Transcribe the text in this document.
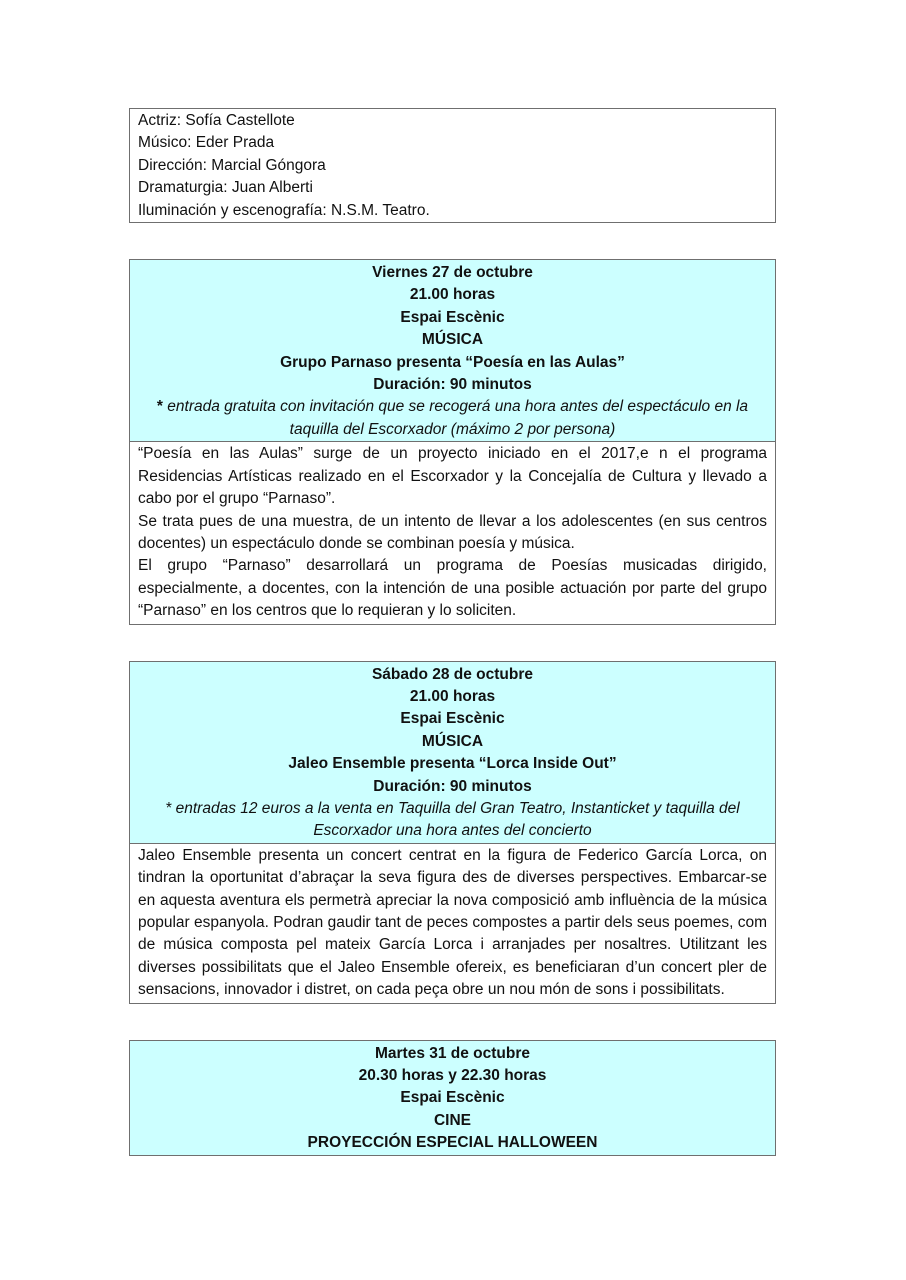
Actriz: Sofía Castellote
Músico: Eder Prada
Dirección: Marcial Góngora
Dramaturgia: Juan Alberti
Iluminación y escenografía: N.S.M. Teatro.
Viernes 27 de octubre
21.00 horas
Espai Escènic
MÚSICA
Grupo Parnaso presenta “Poesía en las Aulas”
Duración: 90 minutos
* entrada gratuita con invitación que se recogerá una hora antes del espectáculo en la taquilla del Escorxador (máximo 2 por persona)
“Poesía en las Aulas” surge de un proyecto iniciado en el 2017,e n el programa Residencias Artísticas realizado en el Escorxador y la Concejalía de Cultura y llevado a cabo por el grupo “Parnaso”.
Se trata pues de una muestra, de un intento de llevar a los adolescentes (en sus centros docentes) un espectáculo donde se combinan poesía y música.
El grupo “Parnaso” desarrollará un programa de Poesías musicadas dirigido, especialmente, a docentes, con la intención de una posible actuación por parte del grupo “Parnaso” en los centros que lo requieran y lo soliciten.
Sábado 28 de octubre
21.00 horas
Espai Escènic
MÚSICA
Jaleo Ensemble presenta “Lorca Inside Out”
Duración: 90 minutos
* entradas 12 euros a la venta en Taquilla del Gran Teatro, Instanticket y taquilla del Escorxador una hora antes del concierto
Jaleo Ensemble presenta un concert centrat en la figura de Federico García Lorca, on tindran la oportunitat d’abraçar la seva figura des de diverses perspectives. Embarcar-se en aquesta aventura els permetrà apreciar la nova composició amb influència de la música popular espanyola. Podran gaudir tant de peces compostes a partir dels seus poemes, com de música composta pel mateix García Lorca i arranjades per nosaltres. Utilitzant les diverses possibilitats que el Jaleo Ensemble ofereix, es beneficiaran d’un concert pler de sensacions, innovador i distret, on cada peça obre un nou món de sons i possibilitats.
Martes 31 de octubre
20.30 horas y 22.30 horas
Espai Escènic
CINE
PROYECCIÓN ESPECIAL HALLOWEEN
